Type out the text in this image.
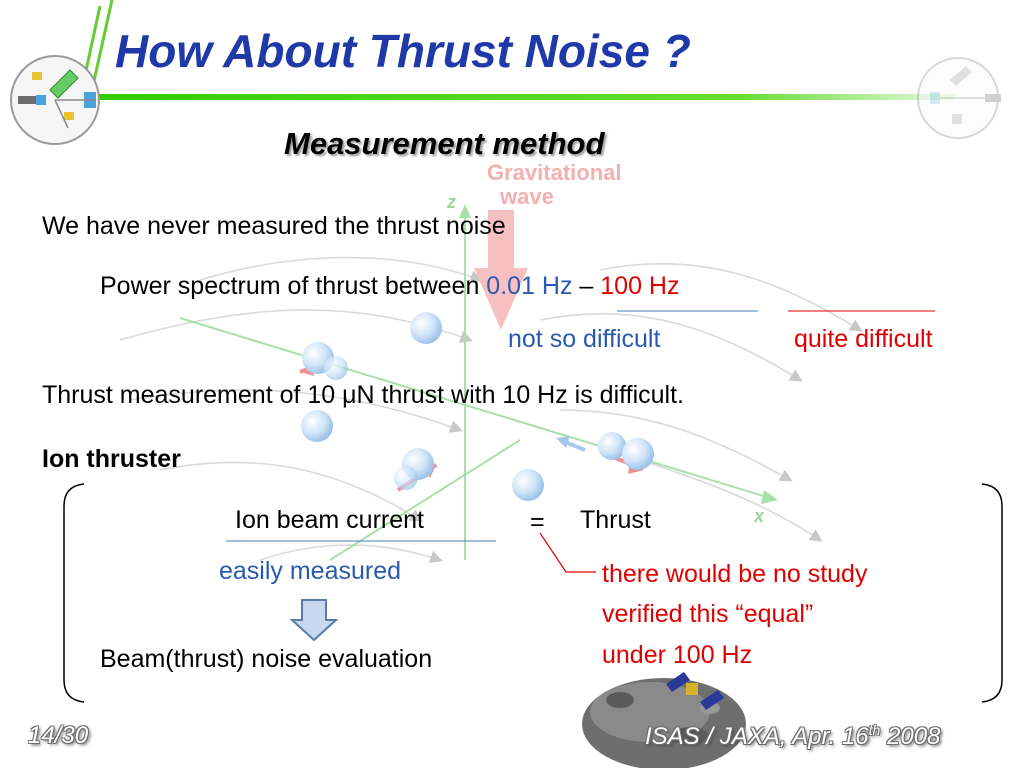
z
x
Gravitational
wave
How About Thrust Noise ?
Measurement method
We have never measured the thrust noise
Power spectrum of thrust between 0.01 Hz – 100 Hz
not so difficult	quite difficult
Thrust measurement of 10 μN thrust with 10 Hz is difficult.
Ion thruster
Ion beam current	= Thrust
easily measured	there would be no study
verified this “equal”
under 100 Hz
Beam(thrust) noise evaluation
14/30	ISAS / JAXA, Apr. 16th 2008
